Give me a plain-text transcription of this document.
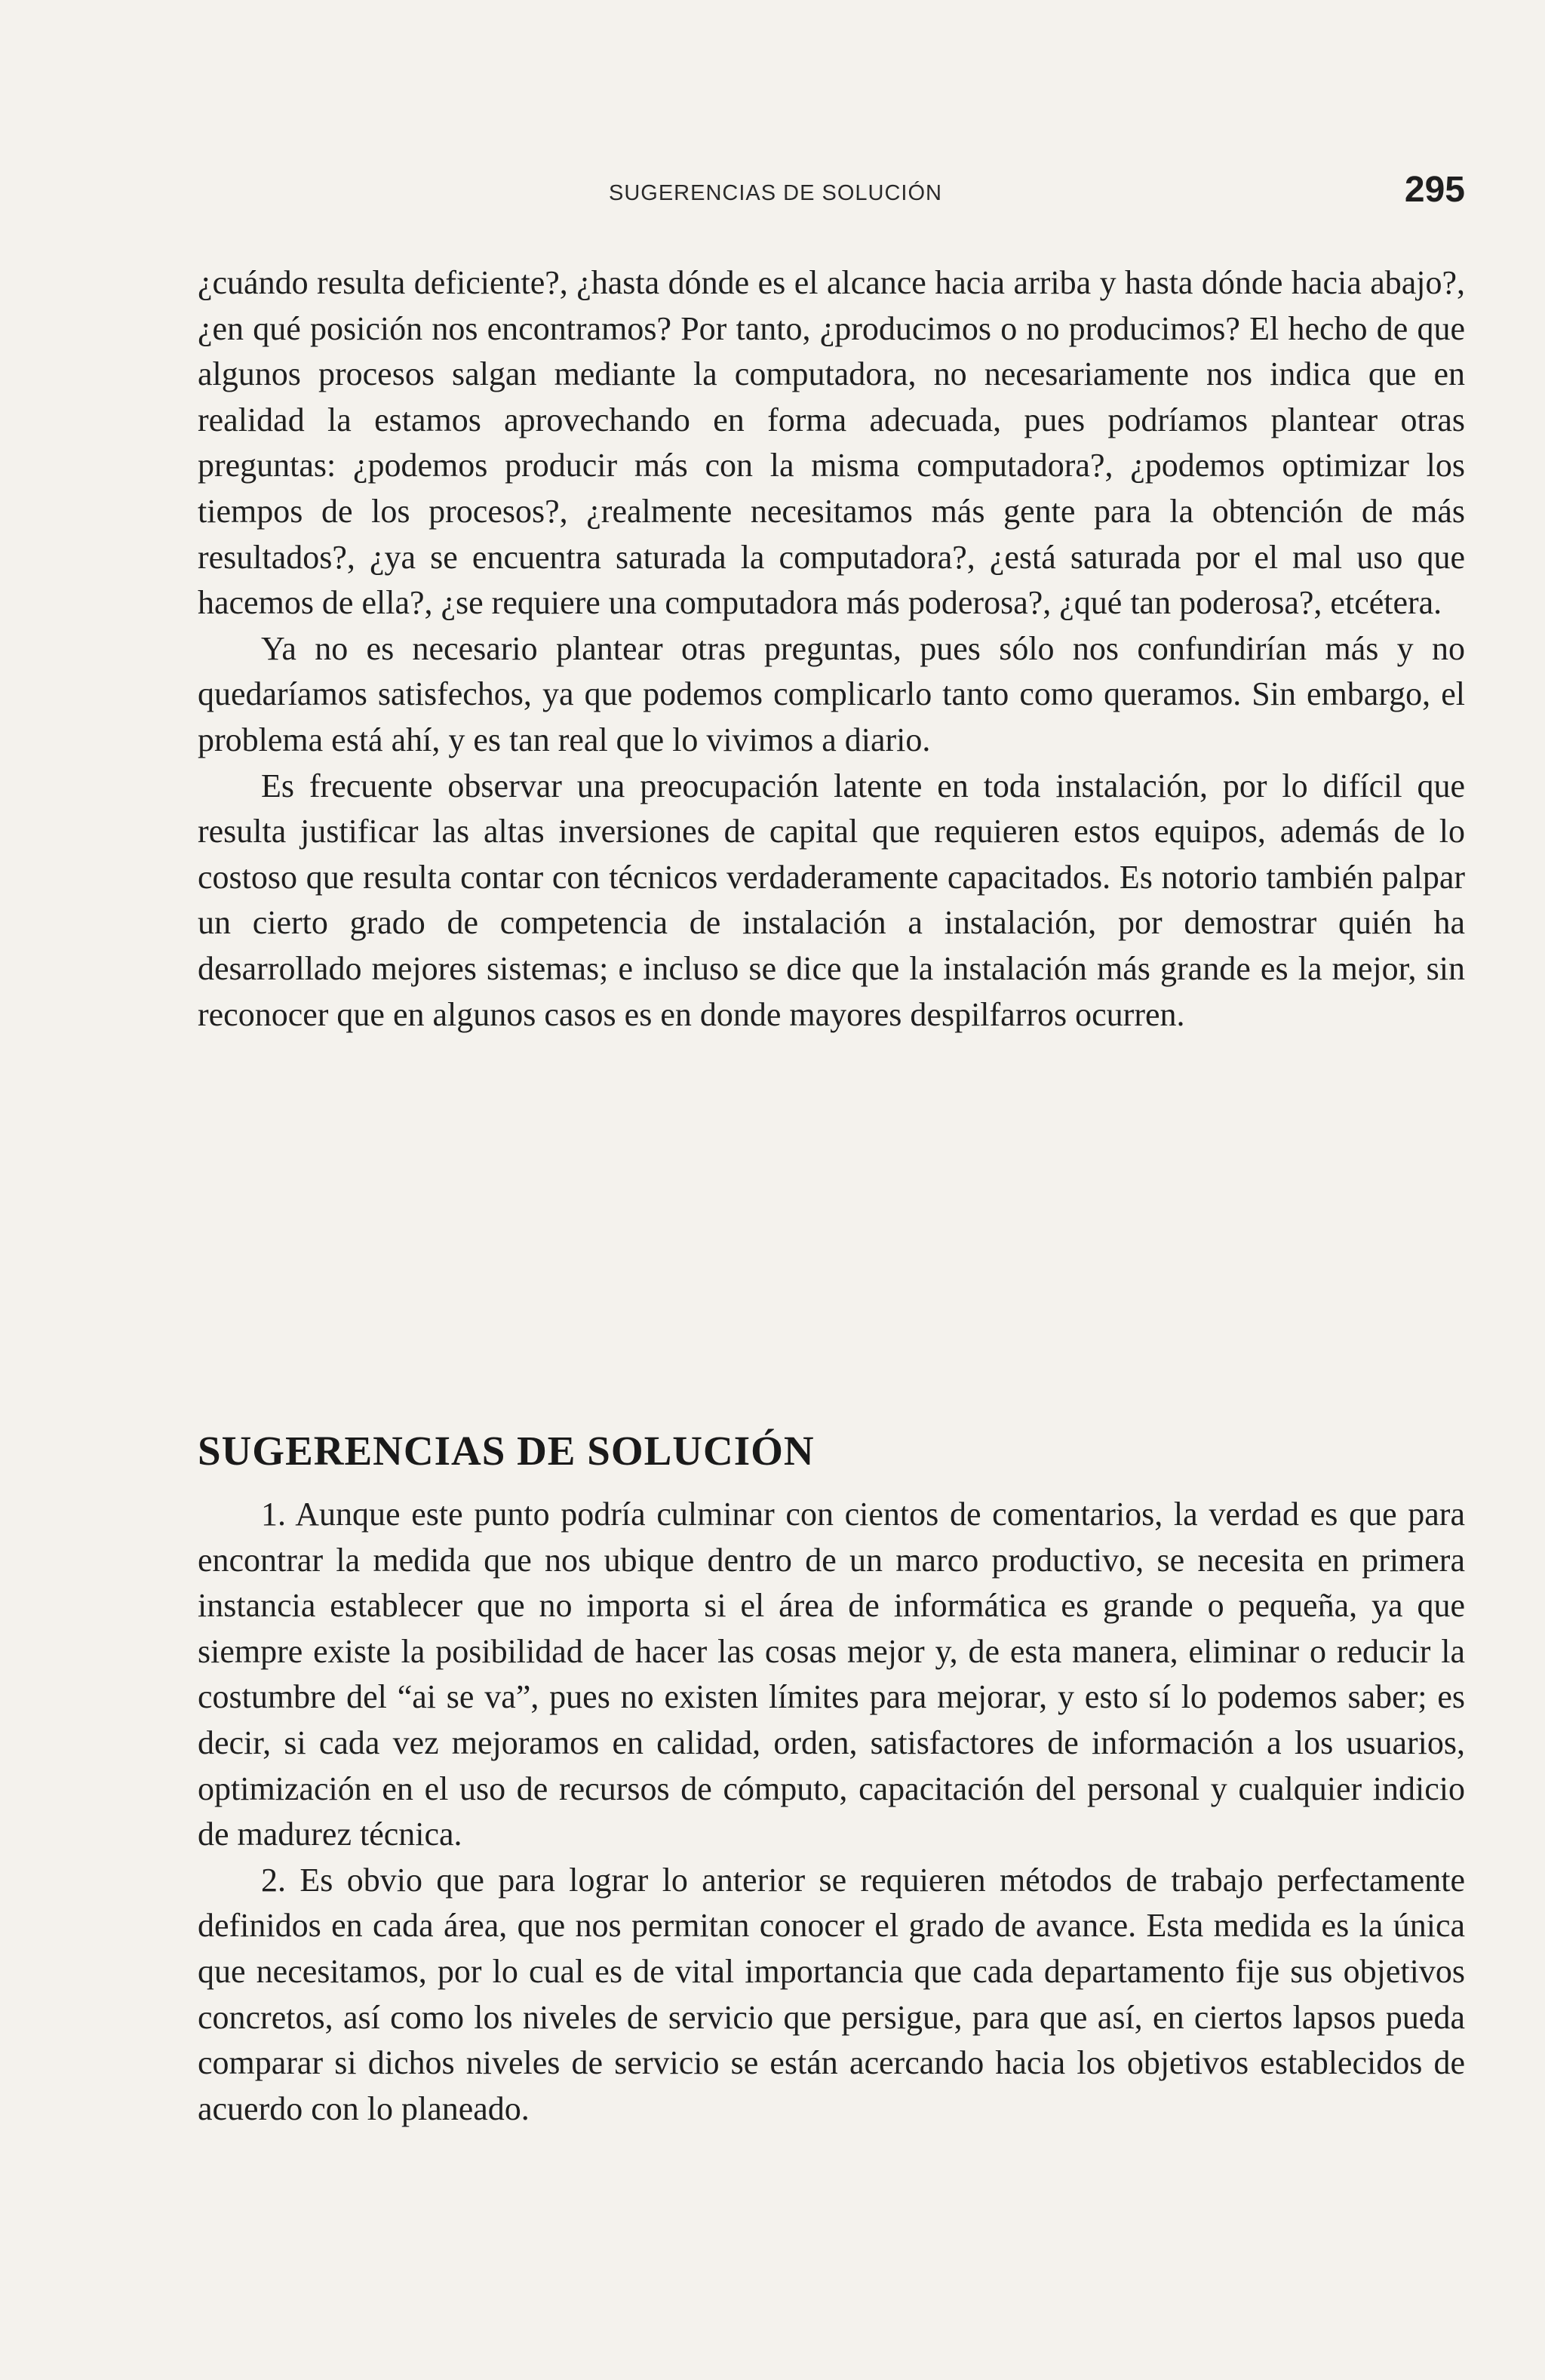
SUGERENCIAS DE SOLUCIÓN	295

¿cuándo resulta deficiente?, ¿hasta dónde es el alcance hacia arriba y hasta dónde hacia abajo?, ¿en qué posición nos encontramos? Por tanto, ¿producimos o no producimos? El hecho de que algunos procesos salgan mediante la computadora, no necesariamente nos indica que en realidad la estamos aprovechando en forma adecuada, pues podríamos plantear otras preguntas: ¿podemos producir más con la misma computadora?, ¿podemos optimizar los tiempos de los procesos?, ¿realmente necesitamos más gente para la obtención de más resultados?, ¿ya se encuentra saturada la computadora?, ¿está saturada por el mal uso que hacemos de ella?, ¿se requiere una computadora más poderosa?, ¿qué tan poderosa?, etcétera.

Ya no es necesario plantear otras preguntas, pues sólo nos confundirían más y no quedaríamos satisfechos, ya que podemos complicarlo tanto como queramos. Sin embargo, el problema está ahí, y es tan real que lo vivimos a diario.

Es frecuente observar una preocupación latente en toda instalación, por lo difícil que resulta justificar las altas inversiones de capital que requieren estos equipos, además de lo costoso que resulta contar con técnicos verdaderamente capacitados. Es notorio también palpar un cierto grado de competencia de instalación a instalación, por demostrar quién ha desarrollado mejores sistemas; e incluso se dice que la instalación más grande es la mejor, sin reconocer que en algunos casos es en donde mayores despilfarros ocurren.

SUGERENCIAS DE SOLUCIÓN

1. Aunque este punto podría culminar con cientos de comentarios, la verdad es que para encontrar la medida que nos ubique dentro de un marco productivo, se necesita en primera instancia establecer que no importa si el área de informática es grande o pequeña, ya que siempre existe la posibilidad de hacer las cosas mejor y, de esta manera, eliminar o reducir la costumbre del “ai se va”, pues no existen límites para mejorar, y esto sí lo podemos saber; es decir, si cada vez mejoramos en calidad, orden, satisfactores de información a los usuarios, optimización en el uso de recursos de cómputo, capacitación del personal y cualquier indicio de madurez técnica.

2. Es obvio que para lograr lo anterior se requieren métodos de trabajo perfectamente definidos en cada área, que nos permitan conocer el grado de avance. Esta medida es la única que necesitamos, por lo cual es de vital importancia que cada departamento fije sus objetivos concretos, así como los niveles de servicio que persigue, para que así, en ciertos lapsos pueda comparar si dichos niveles de servicio se están acercando hacia los objetivos establecidos de acuerdo con lo planeado.
